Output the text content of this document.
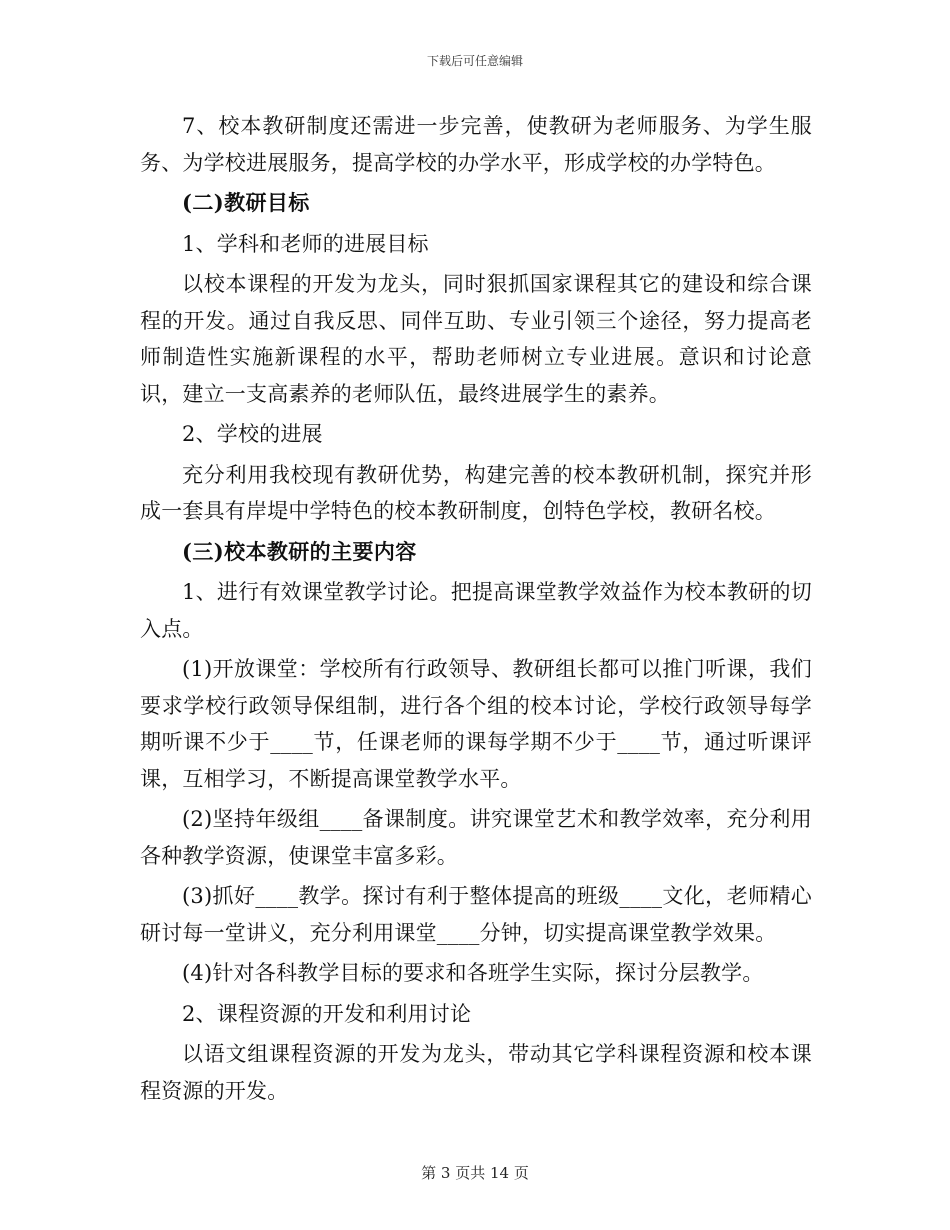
下载后可任意编辑

7、校本教研制度还需进一步完善，使教研为老师服务、为学生服务、为学校进展服务，提高学校的办学水平，形成学校的办学特色。

(二)教研目标

1、学科和老师的进展目标

以校本课程的开发为龙头，同时狠抓国家课程其它的建设和综合课程的开发。通过自我反思、同伴互助、专业引领三个途径，努力提高老师制造性实施新课程的水平，帮助老师树立专业进展。意识和讨论意识，建立一支高素养的老师队伍，最终进展学生的素养。

2、学校的进展

充分利用我校现有教研优势，构建完善的校本教研机制，探究并形成一套具有岸堤中学特色的校本教研制度，创特色学校，教研名校。

(三)校本教研的主要内容

1、进行有效课堂教学讨论。把提高课堂教学效益作为校本教研的切入点。

(1)开放课堂：学校所有行政领导、教研组长都可以推门听课，我们要求学校行政领导保组制，进行各个组的校本讨论，学校行政领导每学期听课不少于____节，任课老师的课每学期不少于____节，通过听课评课，互相学习，不断提高课堂教学水平。

(2)坚持年级组____备课制度。讲究课堂艺术和教学效率，充分利用各种教学资源，使课堂丰富多彩。

(3)抓好____教学。探讨有利于整体提高的班级____文化，老师精心研讨每一堂讲义，充分利用课堂____分钟，切实提高课堂教学效果。

(4)针对各科教学目标的要求和各班学生实际，探讨分层教学。

2、课程资源的开发和利用讨论

以语文组课程资源的开发为龙头，带动其它学科课程资源和校本课程资源的开发。

第 3 页共 14 页
